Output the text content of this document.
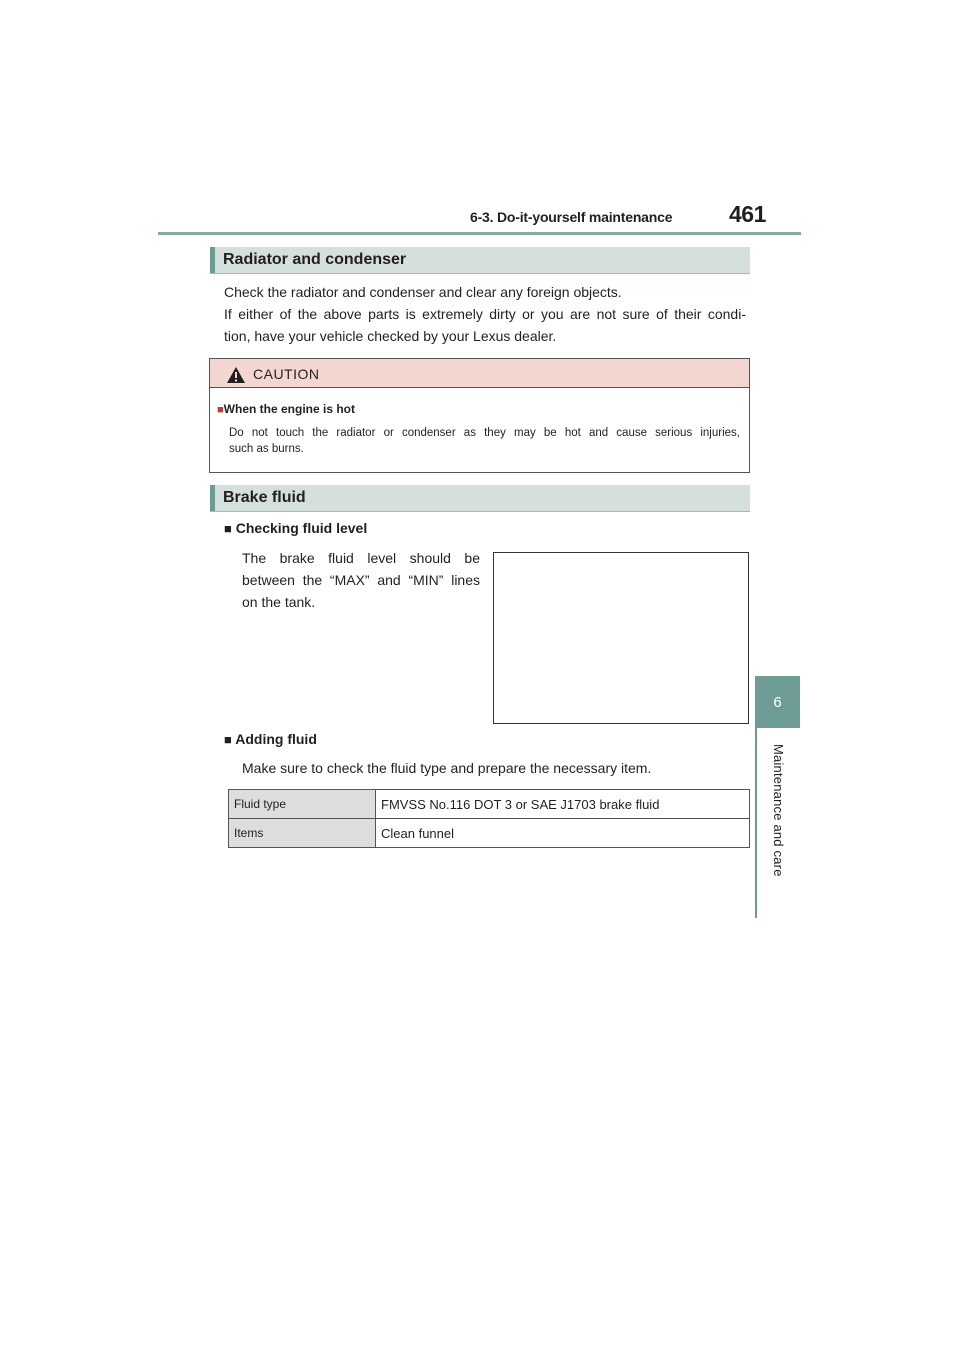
6-3. Do-it-yourself maintenance 461
6
Maintenance and care
Radiator and condenser
Check the radiator and condenser and clear any foreign objects.
If either of the above parts is extremely dirty or you are not sure of their condi-
tion, have your vehicle checked by your Lexus dealer.
CAUTION
■When the engine is hot
Do not touch the radiator or condenser as they may be hot and cause serious injuries,
such as burns.
Brake fluid
■ Checking fluid level
The brake fluid level should be
between the “MAX” and “MIN” lines
on the tank.
■ Adding fluid
Make sure to check the fluid type and prepare the necessary item.
Fluid type	FMVSS No.116 DOT 3 or SAE J1703 brake fluid
Items	Clean funnel
